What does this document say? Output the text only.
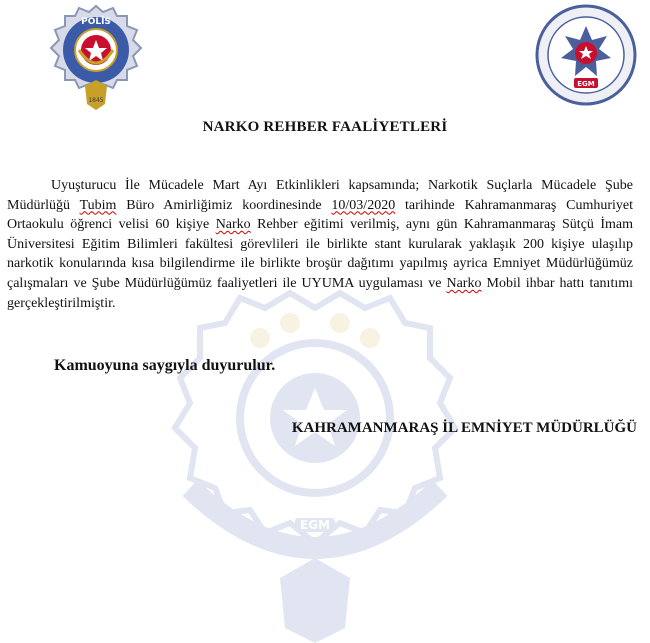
EGM
POLİS
1845
EGM
NARKO REHBER FAALİYETLERİ

Uyuşturucu İle Mücadele Mart Ayı Etkinlikleri kapsamında; Narkotik Suçlarla Mücadele Şube Müdürlüğü Tubim Büro Amirliğimiz koordinesinde 10/03/2020 tarihinde Kahramanmaraş Cumhuriyet Ortaokulu öğrenci velisi 60 kişiye Narko Rehber eğitimi verilmiş, aynı gün Kahramanmaraş Sütçü İmam Üniversitesi Eğitim Bilimleri fakültesi görevlileri ile birlikte stant kurularak yaklaşık 200 kişiye ulaşılıp narkotik konularında kısa bilgilendirme ile birlikte broşür dağıtımı yapılmış ayrica Emniyet Müdürlüğümüz çalışmaları ve Şube Müdürlüğümüz faaliyetleri ile UYUMA uygulaması ve Narko Mobil ihbar hattı tanıtımı gerçekleştirilmiştir.

Kamuoyuna saygıyla duyurulur.
KAHRAMANMARAŞ İL EMNİYET MÜDÜRLÜĞÜ
